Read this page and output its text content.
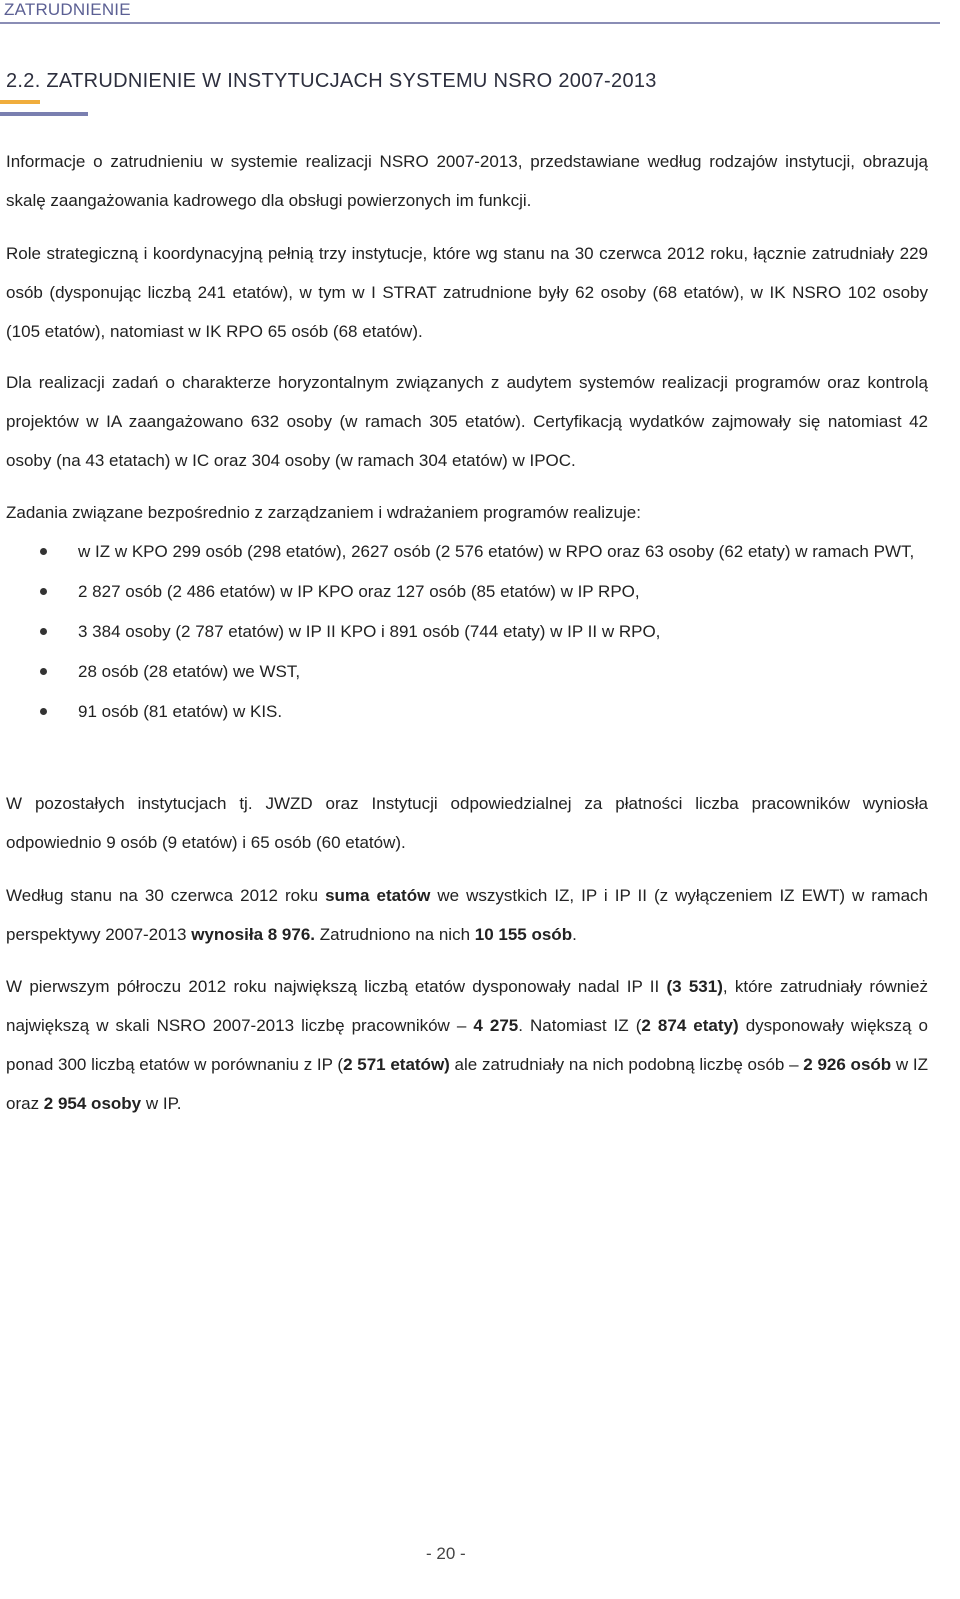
ZATRUDNIENIE
2.2. ZATRUDNIENIE W INSTYTUCJACH SYSTEMU NSRO 2007-2013

Informacje o zatrudnieniu w systemie realizacji NSRO 2007-2013, przedstawiane według rodzajów instytucji, obrazują skalę zaangażowania kadrowego dla obsługi powierzonych im funkcji.

Role strategiczną i koordynacyjną pełnią trzy instytucje, które wg stanu na 30 czerwca 2012 roku, łącznie zatrudniały 229 osób (dysponując liczbą 241 etatów), w tym w I STRAT zatrudnione były 62 osoby (68 etatów), w IK NSRO 102 osoby (105 etatów), natomiast w IK RPO 65 osób (68 etatów).

Dla realizacji zadań o charakterze horyzontalnym związanych z audytem systemów realizacji programów oraz kontrolą projektów w IA zaangażowano 632 osoby (w ramach 305 etatów). Certyfikacją wydatków zajmowały się natomiast 42 osoby (na 43 etatach) w IC oraz 304 osoby (w ramach 304 etatów) w IPOC.

Zadania związane bezpośrednio z zarządzaniem i wdrażaniem programów realizuje:

w IZ w KPO 299 osób (298 etatów), 2627 osób (2 576 etatów) w RPO oraz 63 osoby (62 etaty) w ramach PWT,
2 827 osób (2 486 etatów) w IP KPO oraz 127 osób (85 etatów) w IP RPO,
3 384 osoby (2 787 etatów) w IP II KPO i 891 osób (744 etaty) w IP II w RPO,
28 osób (28 etatów) we WST,
91 osób (81 etatów) w KIS.

W pozostałych instytucjach tj. JWZD oraz Instytucji odpowiedzialnej za płatności liczba pracowników wyniosła odpowiednio 9 osób (9 etatów) i 65 osób (60 etatów).

Według stanu na 30 czerwca 2012 roku suma etatów we wszystkich IZ, IP i IP II (z wyłączeniem IZ EWT) w ramach perspektywy 2007-2013 wynosiła 8 976. Zatrudniono na nich 10 155 osób.

W pierwszym półroczu 2012 roku największą liczbą etatów dysponowały nadal IP II (3 531), które zatrudniały również największą w skali NSRO 2007-2013 liczbę pracowników – 4 275. Natomiast IZ (2 874 etaty) dysponowały większą o ponad 300 liczbą etatów w porównaniu z IP (2 571 etatów) ale zatrudniały na nich podobną liczbę osób – 2 926 osób w IZ oraz 2 954 osoby w IP.

- 20 -
